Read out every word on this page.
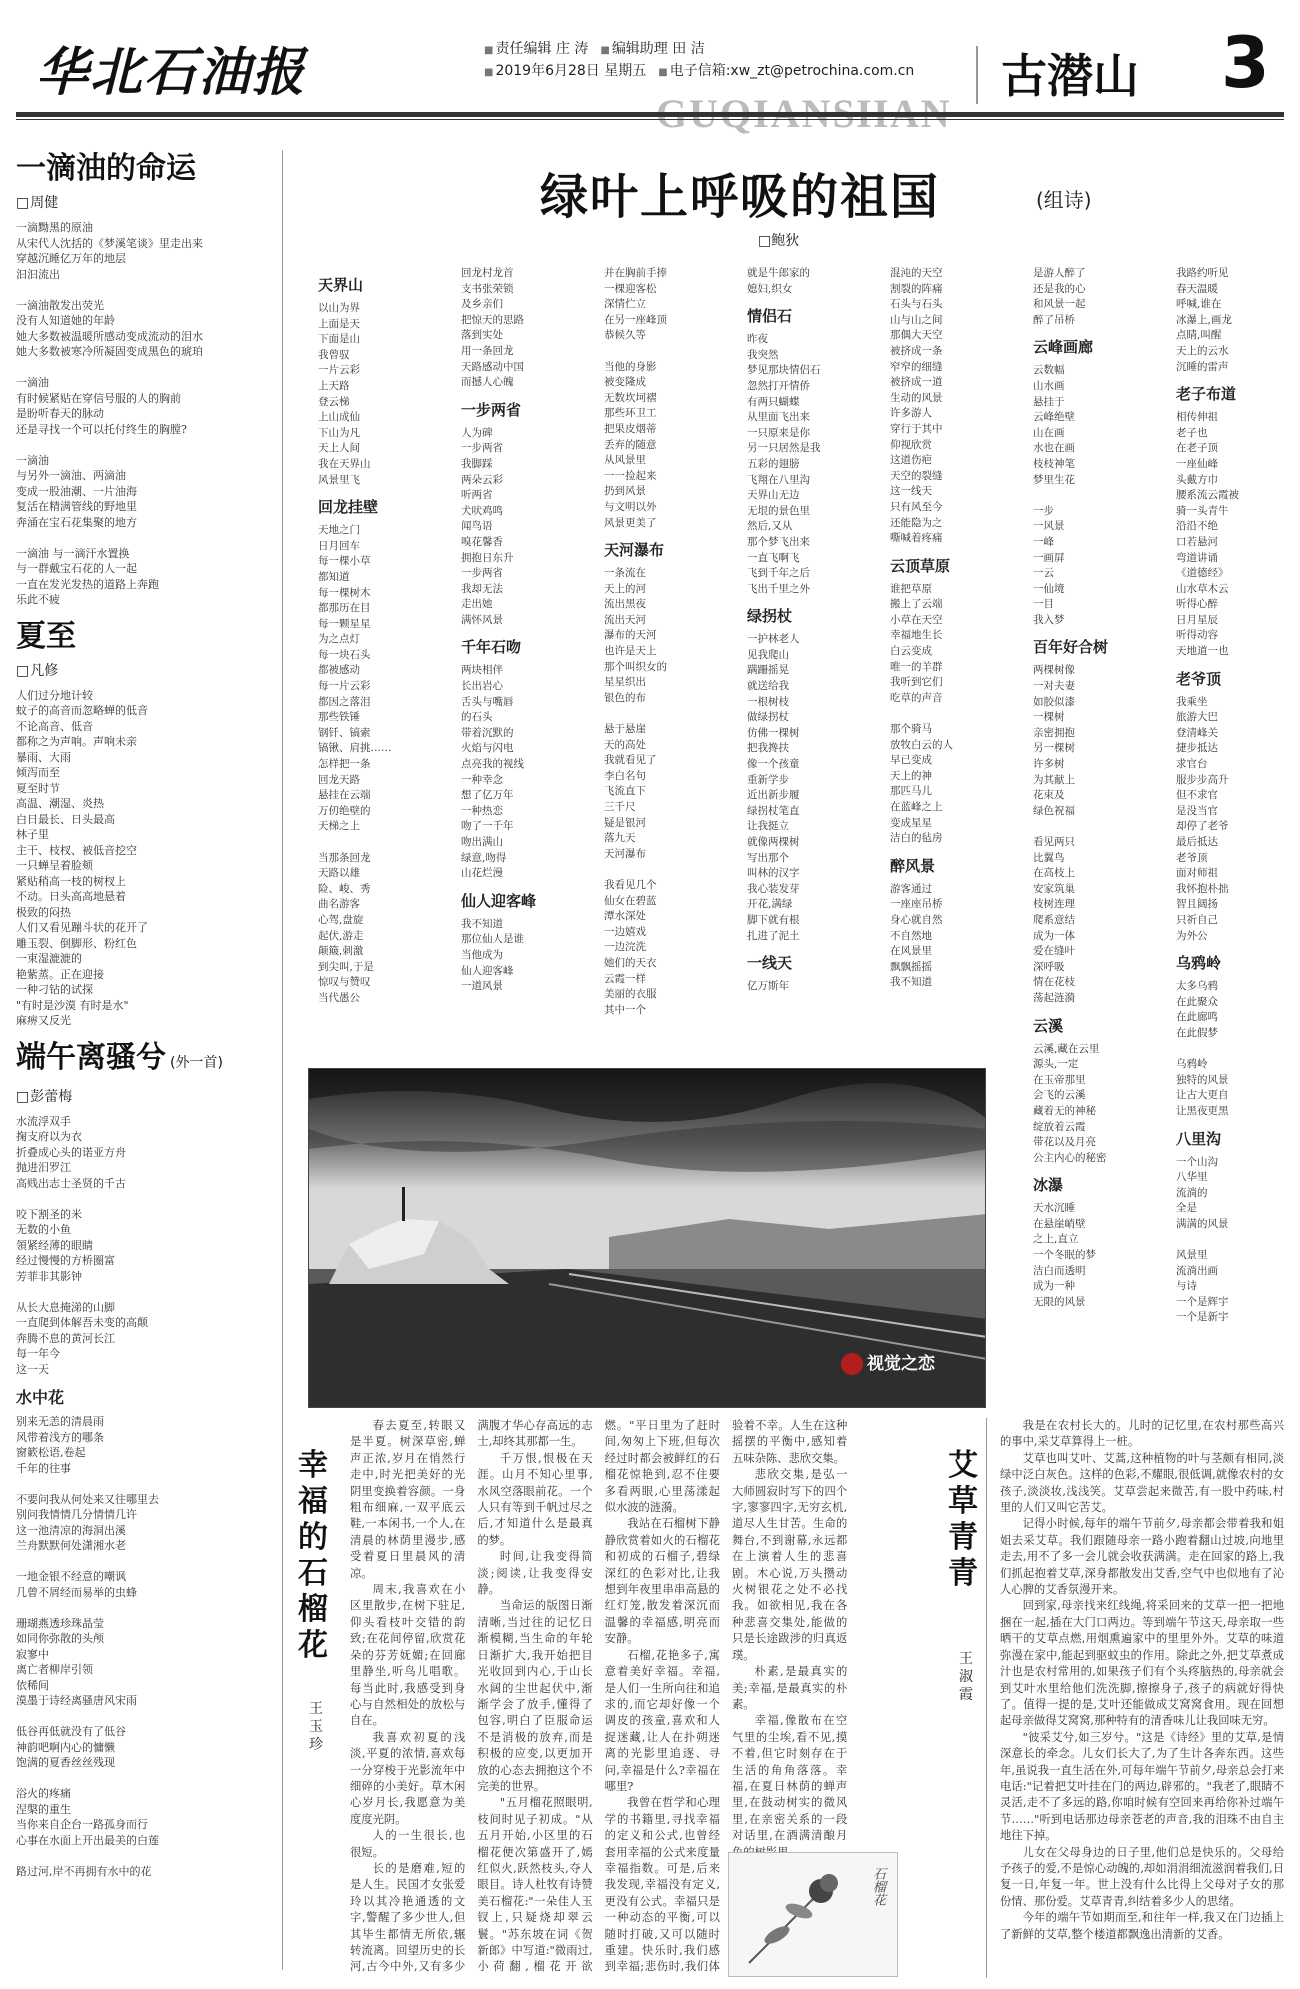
华北石油报	■ 责任编辑 庄 涛 ■ 编辑助理 田 洁
■ 2019年6月28日 星期五 ■ 电子信箱:xw_zt@petrochina.com.cn	古潜山 3
一滴油的命运
□ 周健
一滴黝黑的原油
从宋代人沈括的《梦溪笔谈》里走出来
穿越沉睡亿万年的地层
汩汩流出

一滴油散发出荧光
没有人知道她的年龄
她大多数被温暖所感动变成流动的泪水
她大多数被寒冷所凝固变成黑色的琥珀

一滴油
有时候紧贴在穿信号服的人的胸前
是盼听春天的脉动
还是寻找一个可以托付终生的胸膛?

一滴油
与另外一滴油、两滴油
变成一股油潮、一片油海
复活在精满管线的野地里
奔涌在宝石花集聚的地方

一滴油 与一滴汗水置换
与一群戴宝石花的人一起
一直在发光发热的道路上奔跑
乐此不疲
夏至
□ 凡修
人们过分地计较
蚊子的高音而忽略蝉的低音
不论高音、低音
都称之为声响。声响未亲
暴雨、大雨
倾泻而至
夏至时节
高温、潮湿、炎热
白日最长、日头最高
林子里
主干、枝杈、被低音挖空
一只蝉呈着脸颊
紧贴稍高一枝的树杈上
不动。日头高高地悬着
极致的闷热
人们又看见蹦斗状的花开了
雕玉裂、倒脚形、粉红色
一束湿漉漉的
艳紫蒸。正在迎接
一种刁钻的试探
"有时是沙漠 有时是水"
麻痹又反光
端午离骚兮 (外一首)
□ 彭蕾梅
水流浮双手
掬支府以为衣
折叠成心头的诺亚方舟
抛进汨罗江
高贱出志士圣贤的千古

咬下割圣的米
无数的小鱼
領紧经薄的眼睛
经过慢慢的方桥圈富
芳菲非其影钟

从长大息掩涕的山脚
一直爬到体解吾未变的高颠
奔腾不息的黄河长江
每一年今
这一天
水中花
别来无恙的清晨雨
风带着浅方的哪条
窗簌松语,卷起
千年的往事

不要问我从何处来又往哪里去
别问我情情几分情情几许
这一池清凉的海洞出溪
兰舟默默何处潇湘水老

一地金银不经意的嘲讽
几曾不屑经而易举的虫蜂

珊瑚燕透珍珠晶莹
如同你弥散的头颅
寂寥中
离亡者柳岸引领
依稀间
漠墨于诗经离骚唐风宋雨

低谷再低就没有了低谷
神韵吧啊内心的慵懒
饱满的夏香丝丝残现

浴火的疼痛
涅槃的重生
当你来自企台一路孤身而行
心事在水面上开出最美的白莲

路过河,岸不再拥有水中的花
绿叶上呼吸的祖国	(组诗)
□ 鲍狄
天界山
以山为界
上面是天
下面是山
我曾驭
一片云彩
上天路
登云梯
上山成仙
下山为凡
天上人间
我在天界山
风景里飞
回龙挂壁
天地之门
日月回车
每一棵小草
都知道
每一棵树木
都那历在目
每一颗星星
为之点灯
每一块石头
都被感动
每一片云彩
都因之落泪
那些铁锤
钢钎、镐索
镐锹、肩挑……
怎样把一条
回龙天路
悬挂在云端
万仞绝壁的
天梯之上

当那条回龙
天路以雄
险、峻、秀
曲名游客
心驾,盘旋
起伏,游走
颠簸,刺激
到尖叫,于是
惊叹与赞叹
当代愚公
回龙村龙首
支书张荣锁
及乡亲们
把惊天的思路
落到实处
用一条回龙
天路感动中国
而撼人心魄
一步两省
人为碑
一步两省
我脚踩
两朵云彩
听两省
犬吠鸡鸣
闻鸟语
嗅花馨香
拥抱日东升
一步两省
我却无法
走出她
满怀风景
千年石吻
两块相伴
长出岩心
舌头与嘴唇
的石头
带着沉默的
火焰与闪电
点亮我的视线
一种幸念
想了亿万年
一种热恋
吻了一千年
吻出满山
绿意,吻得
山花烂漫
仙人迎客峰
我不知道
那位仙人是谁
当他成为
仙人迎客峰
一道风景
并在胸前手捧
一棵迎客松
深情伫立
在另一座峰顶
恭候久等

当他的身影
被变隆成
无数坎坷褶
那些环卫工
把果皮烟蒂
丢弃的随意
从风景里
一一捡起来
扔到风景
与文明以外
风景更美了
天河瀑布
一条流在
天上的河
流出黑夜
流出天河
瀑布的天河
也许是天上
那个叫织女的
星星织出
银色的布

悬于悬崖
天的高处
我就看见了
李白名句
飞流直下
三千尺
疑是银河
落九天
天河瀑布

我看见几个
仙女在碧蓝
潭水深处
一边嬉戏
一边浣洗
她们的天衣
云霞一样
美丽的衣服
其中一个
就是牛郎家的
媳妇,织女
情侣石
昨夜
我突然
梦见那块情侣石
忽然打开情侨
有两只蝴蝶
从里面飞出来
一只原来是你
另一只居然是我
五彩的翅膀
飞翔在八里沟
天界山无边
无垠的景色里
然后,又从
那个梦飞出来
一直飞啊飞
飞到千年之后
飞出千里之外
绿拐杖
一护林老人
见我爬山
蹒跚摇晃
就送给我
一根树枝
做绿拐杖
仿佛一棵树
把我搀扶
像一个孩童
重新学步
近出新步履
绿拐杖笔直
让我挺立
就像两棵树
写出那个
叫林的汉字
我心装发芽
开花,满绿
脚下就有根
扎进了泥土
一线天
亿万斯年
混沌的天空
割裂的阵痛
石头与石头
山与山之间
那偶大天空
被挤成一条
窄窄的细缝
被挤成一道
生动的风景
许多游人
穿行于其中
仰视欣赏
这道伤疤
天空的裂缝
这一线天
只有风至今
还能隐为之
嘶喊着疼痛
云顶草原
谁把草原
搬上了云端
小草在天空
幸福地生长
白云变成
唯一的羊群
我听到它们
吃草的声音

那个骑马
放牧白云的人
早已变成
天上的神
那匹马儿
在蓝峰之上
变成星星
洁白的毡房
醉风景
游客通过
一座座吊桥
身心就自然
不自然地
在风景里
飘飘摇摇
我不知道
是游人醉了
还是我的心
和风景一起
醉了吊桥
云峰画廊
云数幅
山水画
悬挂于
云峰绝壁
山在画
水也在画
枝枝神笔
梦里生花

一步
一风景
一峰
一画屏
一云
一仙境
一目
我入梦
百年好合树
两棵树像
一对夫妻
如胶似漆
一棵树
亲密拥抱
另一棵树
许多树
为其献上
花束及
绿色祝福

看见两只
比翼鸟
在高枝上
安家筑巢
枝树连理
爬系意结
成为一体
爱在缝叶
深呼吸
情在花枝
荡起涟漪
云溪
云溪,藏在云里
源头,一定
在玉帝那里
会飞的云溪
藏着无的神秘
绽放着云霞
带花以及月亮
公主内心的秘密
冰瀑
天水沉睡
在悬崖峭壁
之上,直立
一个冬眠的梦
洁白而透明
成为一种
无限的风景
我路约听见
春天温暖
呼喊,谁在
冰瀑上,画龙
点睛,叫醒
天上的云水
沉睡的雷声
老子布道
相传伸祖
老子也
在老子顶
一座仙峰
头戴方巾
腰系流云霞被
骑一头青牛
沿沿不绝
口若悬河
弯道讲诵
《道德经》
山水草木云
听得心醉
日月星辰
听得动容
天地道一也
老爷顶
我乘坐
旅游大巴
登清峰关
捷步抵达
求官台
服步步高升
但不求官
是没当官
却停了老爷
最后抵达
老爷顶
面对师祖
我怀抱朴拙
智且阔扬
只祈自己
为外公
乌鸦岭
太多乌鸦
在此聚众
在此廊鸣
在此假梦

乌鸦岭
独特的风景
让古大更自
让黑夜更黑
八里沟
一个山沟
八华里
流淌的
全是
满满的风景

风景里
流淌出画
与诗
一个是辉宇
一个是新宇
视觉之恋
幸福的石榴花
王玉珍

春去夏至,转眼又是半夏。树深草密,蝉声正浓,岁月在悄然行走中,时光把美好的光阴里变换着容颜。一身粗布细麻,一双平底云鞋,一本闲书,一个人,在清晨的林荫里漫步,感受着夏日里晨风的清凉。

周末,我喜欢在小区里散步,在树下驻足,仰头看枝叶交错的韵致;在花间停留,欣赏花朵的芬芳妩媚;在回廊里静坐,听鸟儿唱歌。每当此时,我感受到身心与自然相处的放松与自在。

我喜欢初夏的浅淡,平夏的浓情,喜欢每一分穿梭于光影流年中细碎的小美好。草木闲心岁月长,我愿意为美度度光阴。

人的一生很长,也很短。

长的是磨难,短的是人生。民国才女张爱玲以其冷艳通透的文字,警醒了多少世人,但其毕生都情无所依,辗转流离。回望历史的长河,古今中外,又有多少满腹才华心存高远的志士,却终其那都一生。

千万恨,恨极在天涯。山月不知心里事,水风空落眼前花。一个人只有等到千帆过尽之后,才知道什么是最真的梦。

时间,让我变得简淡;阅读,让我变得安静。

当命运的版图日渐清晰,当过往的记忆日渐模糊,当生命的年轮日渐扩大,我开始把目光收回到内心,于山长水阔的尘世起伏中,渐渐学会了放手,懂得了包容,明白了臣服命运不是消极的放弃,而是积极的应变,以更加开放的心态去拥抱这个不完美的世界。

"五月榴花照眼明,枝间时见子初成。"从五月开始,小区里的石榴花便次第盛开了,嫣红似火,跃然枝头,夺人眼目。诗人杜牧有诗赞美石榴花:"一朵佳人玉钗上,只疑烧却翠云鬟。"苏东坡在词《贺新郎》中写道:"微雨过,小荷翻,榴花开欲燃。"平日里为了赶时间,匆匆上下班,但每次经过时都会被鲜红的石榴花惊艳到,忍不住要多看两眼,心里荡漾起似水波的涟漪。

我站在石榴树下静静欣赏着如火的石榴花和初成的石榴子,碧绿深红的色彩对比,让我想到年夜里串串高悬的红灯笼,散发着深沉而温馨的幸福感,明亮而安静。

石榴,花艳多子,寓意着美好幸福。幸福,是人们一生所向往和追求的,而它却好像一个调皮的孩童,喜欢和人捉迷藏,让人在扑朔迷离的光影里追逐、寻问,幸福是什么?幸福在哪里?

我曾在哲学和心理学的书籍里,寻找幸福的定义和公式,也曾经套用幸福的公式来度量幸福指数。可是,后来我发现,幸福没有定义,更没有公式。幸福只是一种动态的平衡,可以随时打破,又可以随时重建。快乐时,我们感到幸福;悲伤时,我们体验着不幸。人生在这种摇摆的平衡中,感知着五味杂陈、悲欣交集。

悲欣交集,是弘一大师圆寂时写下的四个字,寥寥四字,无穷玄机,道尽人生甘苦。生命的舞台,不到谢幕,永远都在上演着人生的悲喜剧。木心说,万头攒动火树银花之处不必找我。如欲相见,我在各种悲喜交集处,能做的只是长途跋涉的归真返璞。

朴素,是最真实的美;幸福,是最真实的朴素。

幸福,像散布在空气里的尘埃,看不见,摸不着,但它时刻存在于生活的角角落落。幸福,在夏日林荫的蝉声里,在鼓动树实的微风里,在亲密关系的一段对话里,在酒满清酿月

艾草青青
王淑霞

我是在农村长大的。儿时的记忆里,在农村那些高兴的事中,采艾草算得上一桩。

艾草也叫艾叶、艾蒿,这种植物的叶与茎颇有相同,淡绿中泛白灰色。这样的色彩,不耀眼,很低调,就像农村的女孩子,淡淡妆,浅浅笑。艾草尝起来微苦,有一股中药味,村里的人们又叫它苦艾。

记得小时候,每年的端午节前夕,母亲都会带着我和姐姐去采艾草。我们跟随母亲一路小跑着翻山过坡,向地里走去,用不了多一会儿就会收获满满。走在回家的路上,我们抓起抱着艾草,深身都散发出艾香,空气中也似地有了沁人心脾的艾香氛漫开来。

回到家,母亲找来红线绳,将采回来的艾草一把一把地捆在一起,插在大门口两边。等到端午节这天,母亲取一些晒干的艾草点燃,用烟熏遍家中的里里外外。艾草的味道弥漫在家中,能起到驱蚊虫的作用。除此之外,把艾草煮成汁也是农村常用的,如果孩子们有个头疼脑热的,母亲就会到艾叶水里给他们洗洗脚,擦擦身子,孩子的病就好得快了。值得一提的是,艾叶还能做成艾窝窝食用。现在回想起母亲做得艾窝窝,那种特有的清香味儿让我回味无穷。

"彼采艾兮,如三岁兮。"这是《诗经》里的艾草,是情深意长的牵念。儿女们长大了,为了生计各奔东西。这些年,虽说我一直生活在外,可每年端午节前夕,母亲总会打来电话:"记着把艾叶挂在门的两边,辟邪的。"我老了,眼睛不灵活,走不了多远的路,你咱时候有空回来再给你补过端午节……"听到电话那边母亲苍老的声音,我的泪珠不由自主地往下掉。

儿女在父母身边的日子里,他们总是快乐的。父母给予孩子的爱,不是惊心动魄的,却如涓涓细流滋润着我们,日复一日,年复一年。世上没有什么比得上父母对子女的那份情、那份爱。艾草青青,纠结着多少人的思绪。

今年的端午节如期而至,和往年一样,我又在门边插上了新鲜的艾草,整个楼道都飘逸出清新的艾香。

石榴花
